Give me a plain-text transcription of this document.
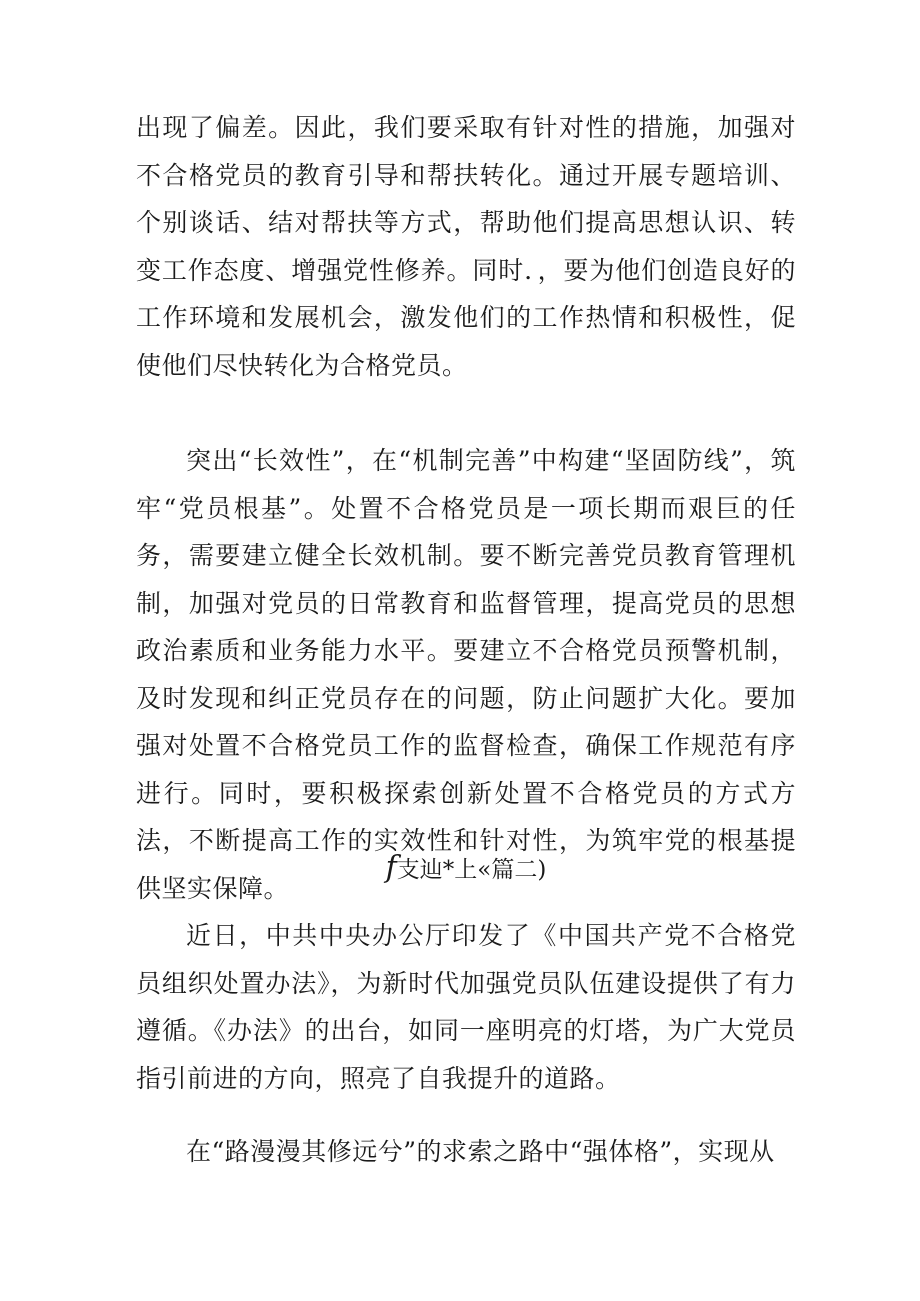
出现了偏差。因此，我们要采取有针对性的措施，加强对不合格党员的教育引导和帮扶转化。通过开展专题培训、个别谈话、结对帮扶等方式，帮助他们提高思想认识、转变工作态度、增强党性修养。同时．，要为他们创造良好的工作环境和发展机会，激发他们的工作热情和积极性，促使他们尽快转化为合格党员。

突出“长效性”，在“机制完善”中构建“坚固防线”，筑牢“党员根基”。处置不合格党员是一项长期而艰巨的任务，需要建立健全长效机制。要不断完善党员教育管理机制，加强对党员的日常教育和监督管理，提高党员的思想政治素质和业务能力水平。要建立不合格党员预警机制，及时发现和纠正党员存在的问题，防止问题扩大化。要加强对处置不合格党员工作的监督检查，确保工作规范有序进行。同时，要积极探索创新处置不合格党员的方式方法，不断提高工作的实效性和针对性，为筑牢党的根基提供坚实保障。

f支辿*上«篇二)

近日，中共中央办公厅印发了《中国共产党不合格党员组织处置办法》，为新时代加强党员队伍建设提供了有力遵循。《办法》的出台，如同一座明亮的灯塔，为广大党员指引前进的方向，照亮了自我提升的道路。

在“路漫漫其修远兮”的求索之路中“强体格”，实现从
